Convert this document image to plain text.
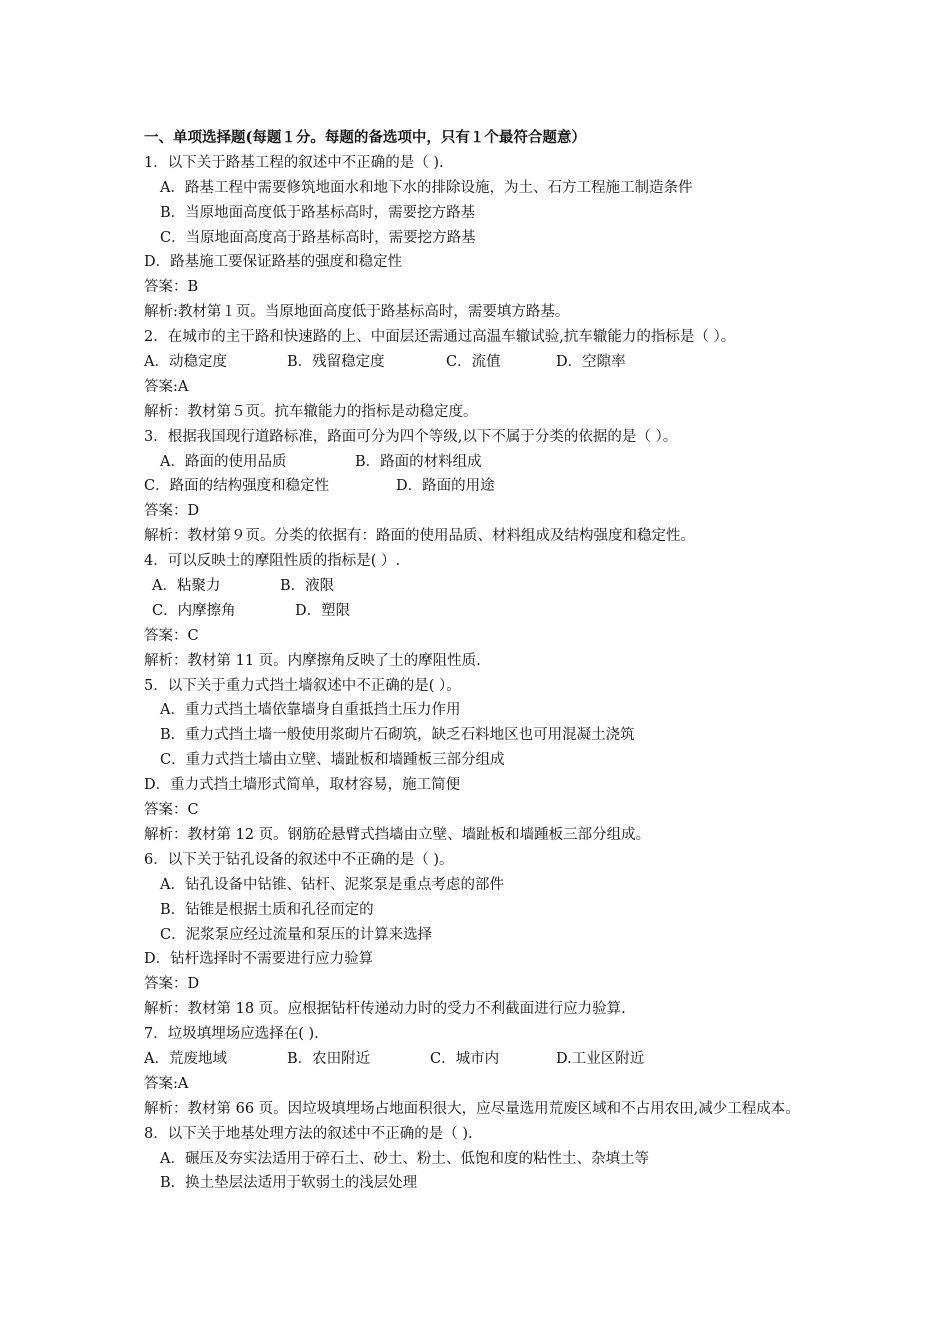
一、单项选择题(每题１分。每题的备选项中，只有１个最符合题意）
1．以下关于路基工程的叙述中不正确的是（ ).
A．路基工程中需要修筑地面水和地下水的排除设施，为土、石方工程施工制造条件
B．当原地面高度低于路基标高时，需要挖方路基
C．当原地面高度高于路基标高时，需要挖方路基
D．路基施工要保证路基的强度和稳定性
答案：B
解析:教材第１页。当原地面高度低于路基标高时，需要填方路基。
2．在城市的主干路和快速路的上、中面层还需通过高温车辙试验,抗车辙能力的指标是（ ）。
A．动稳定度	B．残留稳定度	C．流值	D．空隙率
答案:A
解析：教材第５页。抗车辙能力的指标是动稳定度。
3．根据我国现行道路标准，路面可分为四个等级,以下不属于分类的依据的是（ ）。
A．路面的使用品质	B．路面的材料组成
C．路面的结构强度和稳定性	D．路面的用途
答案：D
解析：教材第９页。分类的依据有：路面的使用品质、材料组成及结构强度和稳定性。
4．可以反映土的摩阻性质的指标是( ）.
A．粘聚力	B．液限
C．内摩擦角	D．塑限
答案：C
解析：教材第 11 页。内摩擦角反映了土的摩阻性质.
5．以下关于重力式挡土墙叙述中不正确的是( ）。
A．重力式挡土墙依靠墙身自重抵挡土压力作用
B．重力式挡土墙一般使用浆砌片石砌筑，缺乏石料地区也可用混凝土浇筑
C．重力式挡土墙由立壁、墙趾板和墙踵板三部分组成
D．重力式挡土墙形式简单，取材容易，施工简便
答案：C
解析：教材第 12 页。钢筋砼悬臂式挡墙由立壁、墙趾板和墙踵板三部分组成。
6．以下关于钻孔设备的叙述中不正确的是（ )。
A．钻孔设备中钻锥、钻杆、泥浆泵是重点考虑的部件
B．钻锥是根据土质和孔径而定的
C．泥浆泵应经过流量和泵压的计算来选择
D．钻杆选择时不需要进行应力验算
答案：D
解析：教材第 18 页。应根据钻杆传递动力时的受力不利截面进行应力验算.
7．垃圾填埋场应选择在( ).
A．荒废地域	B．农田附近	C．城市内	D.工业区附近
答案:A
解析：教材第 66 页。因垃圾填埋场占地面积很大，应尽量选用荒废区域和不占用农田,减少工程成本。
8．以下关于地基处理方法的叙述中不正确的是（ ).
A．碾压及夯实法适用于碎石土、砂土、粉土、低饱和度的粘性土、杂填土等
B．换土垫层法适用于软弱土的浅层处理
